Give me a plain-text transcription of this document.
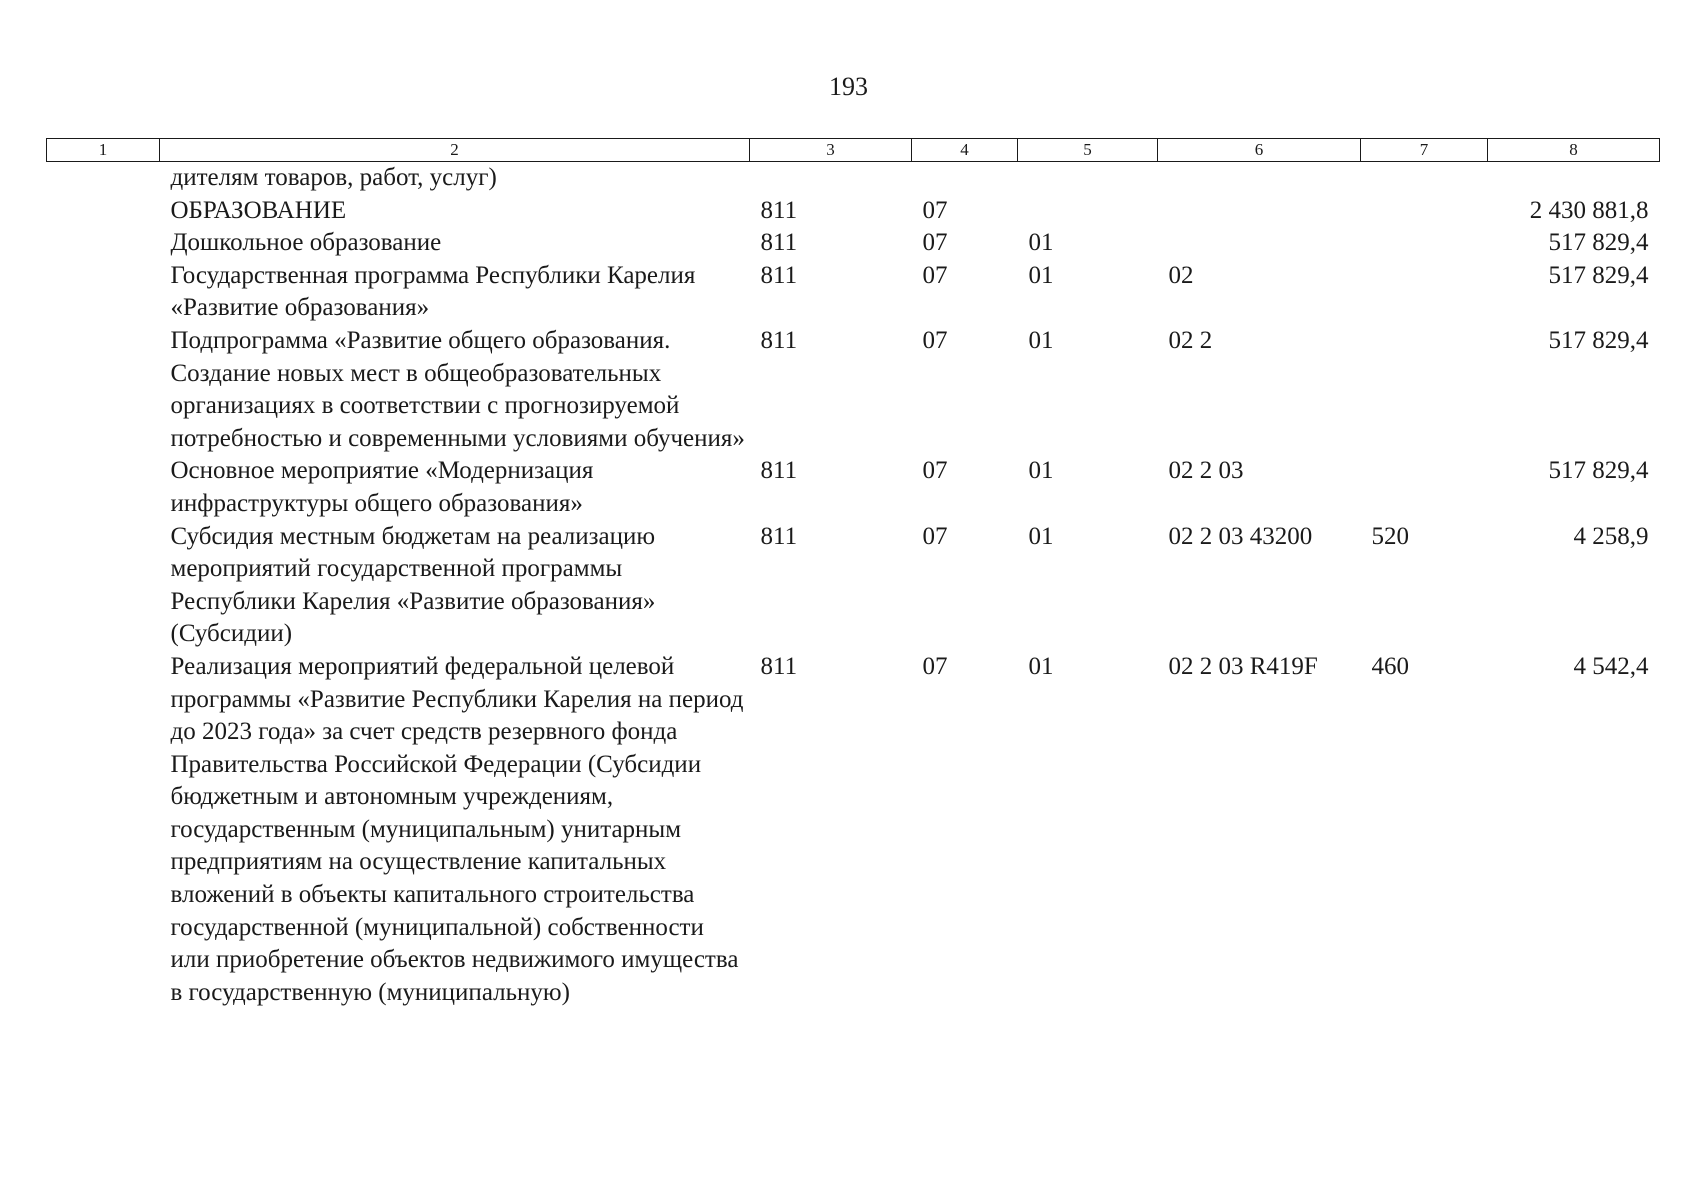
193
1	2	3	4	5	6	7	8
	дителям товаров, работ, услуг)						
	ОБРАЗОВАНИЕ	811	07				2 430 881,8
	Дошкольное образование	811	07	01			517 829,4
	Государственная программа Республики Карелия «Развитие образования»	811	07	01	02		517 829,4
	Подпрограмма «Развитие общего образования. Создание новых мест в общеобразовательных организациях в соответствии с прогнозируемой потребностью и современными условиями обучения»	811	07	01	02 2		517 829,4
	Основное мероприятие «Модернизация инфраструктуры общего образования»	811	07	01	02 2 03		517 829,4
	Субсидия местным бюджетам на реализацию мероприятий государственной программы Республики Карелия «Развитие образования» (Субсидии)	811	07	01	02 2 03 43200	520	4 258,9
	Реализация мероприятий федеральной целевой программы «Развитие Республики Карелия на период до 2023 года» за счет средств резервного фонда Правительства Российской Федерации (Субсидии бюджетным и автономным учреждениям, государственным (муниципальным) унитарным предприятиям на осуществление капитальных вложений в объекты капитального строительства государственной (муниципальной) собственности или приобретение объектов недвижимого имущества в государственную (муниципальную)	811	07	01	02 2 03 R419F	460	4 542,4
